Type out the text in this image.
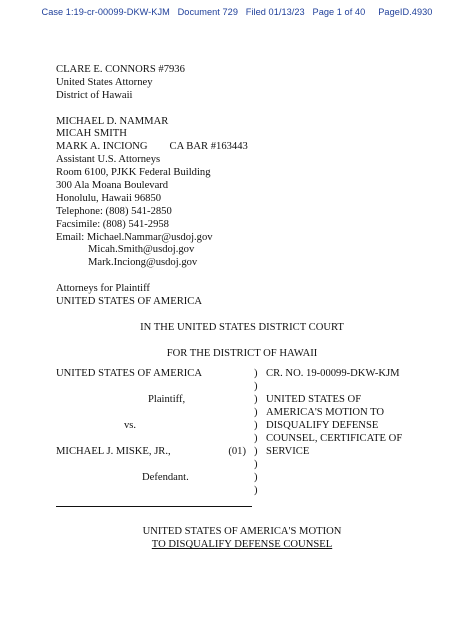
Case 1:19-cr-00099-DKW-KJM   Document 729   Filed 01/13/23   Page 1 of 40     PageID.4930
CLARE E. CONNORS #7936
United States Attorney
District of Hawaii
MICHAEL D. NAMMAR
MICAH SMITH
MARK A. INCIONG CA BAR #163443
Assistant U.S. Attorneys
Room 6100, PJKK Federal Building
300 Ala Moana Boulevard
Honolulu, Hawaii 96850
Telephone: (808) 541-2850
Facsimile: (808) 541-2958
Email: Michael.Nammar@usdoj.gov
Micah.Smith@usdoj.gov
Mark.Inciong@usdoj.gov
Attorneys for Plaintiff
UNITED STATES OF AMERICA
IN THE UNITED STATES DISTRICT COURT
FOR THE DISTRICT OF HAWAII
UNITED STATES OF AMERICA
Plaintiff,
vs.
MICHAEL J. MISKE, JR.,	(01)
Defendant.
)
)
)
)
)
)
)
)
)
)
CR. NO. 19-00099-DKW-KJM
UNITED STATES OF
AMERICA'S MOTION TO
DISQUALIFY DEFENSE
COUNSEL, CERTIFICATE OF
SERVICE
UNITED STATES OF AMERICA'S MOTION
TO DISQUALIFY DEFENSE COUNSEL
